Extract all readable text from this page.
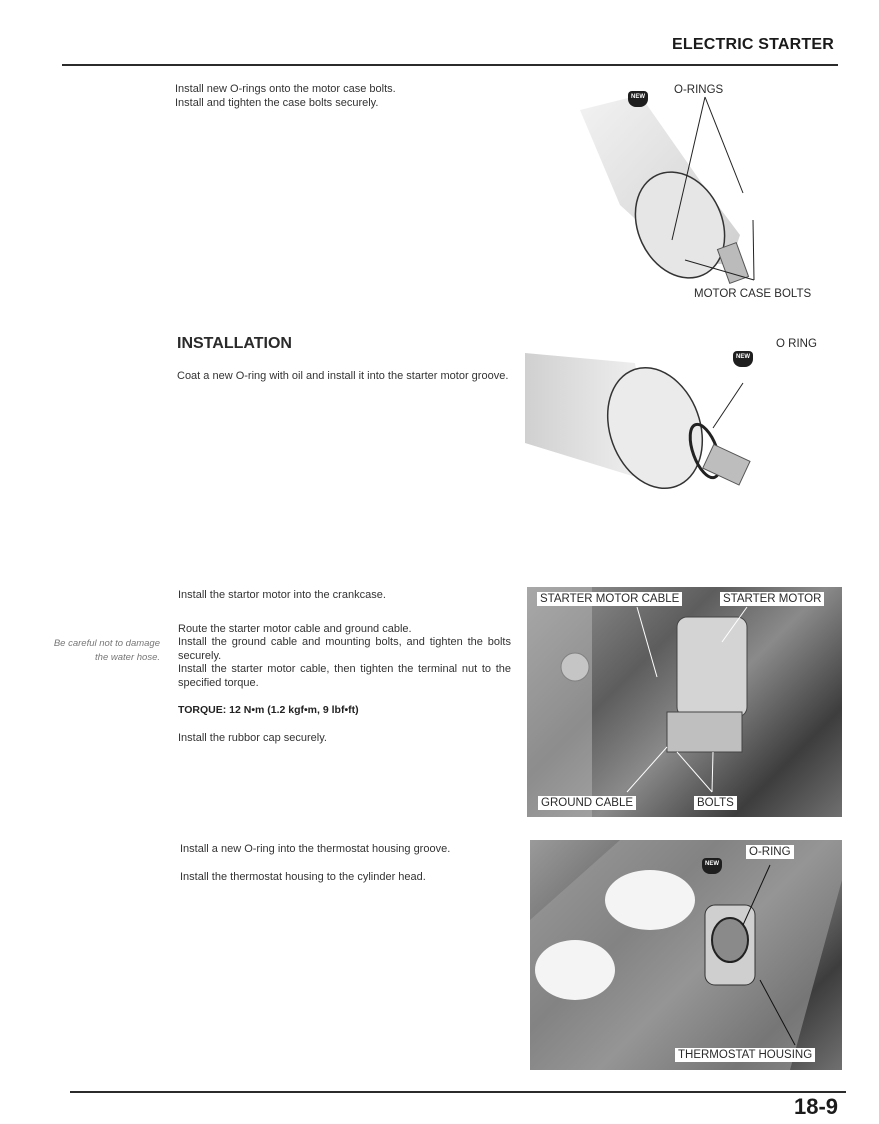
ELECTRIC STARTER
Install new O-rings onto the motor case bolts.
Install and tighten the case bolts securely.	NEW
O-RINGS
MOTOR CASE BOLTS
INSTALLATION
Coat a new O-ring with oil and install it into the starter motor groove.
NEW
O RING
Be careful not to damage the water hose.
Install the startor motor into the crankcase.
Route the starter motor cable and ground cable.
Install the ground cable and mounting bolts, and tighten the bolts securely.
Install the starter motor cable, then tighten the terminal nut to the specified torque.
TORQUE: 12 N•m (1.2 kgf•m, 9 lbf•ft)
Install the rubbor cap securely.
STARTER MOTOR CABLE	STARTER MOTOR
GROUND CABLE	BOLTS
Install a new O-ring into the thermostat housing groove.
Install the thermostat housing to the cylinder head.
NEW
O-RING
THERMOSTAT HOUSING
18-9
